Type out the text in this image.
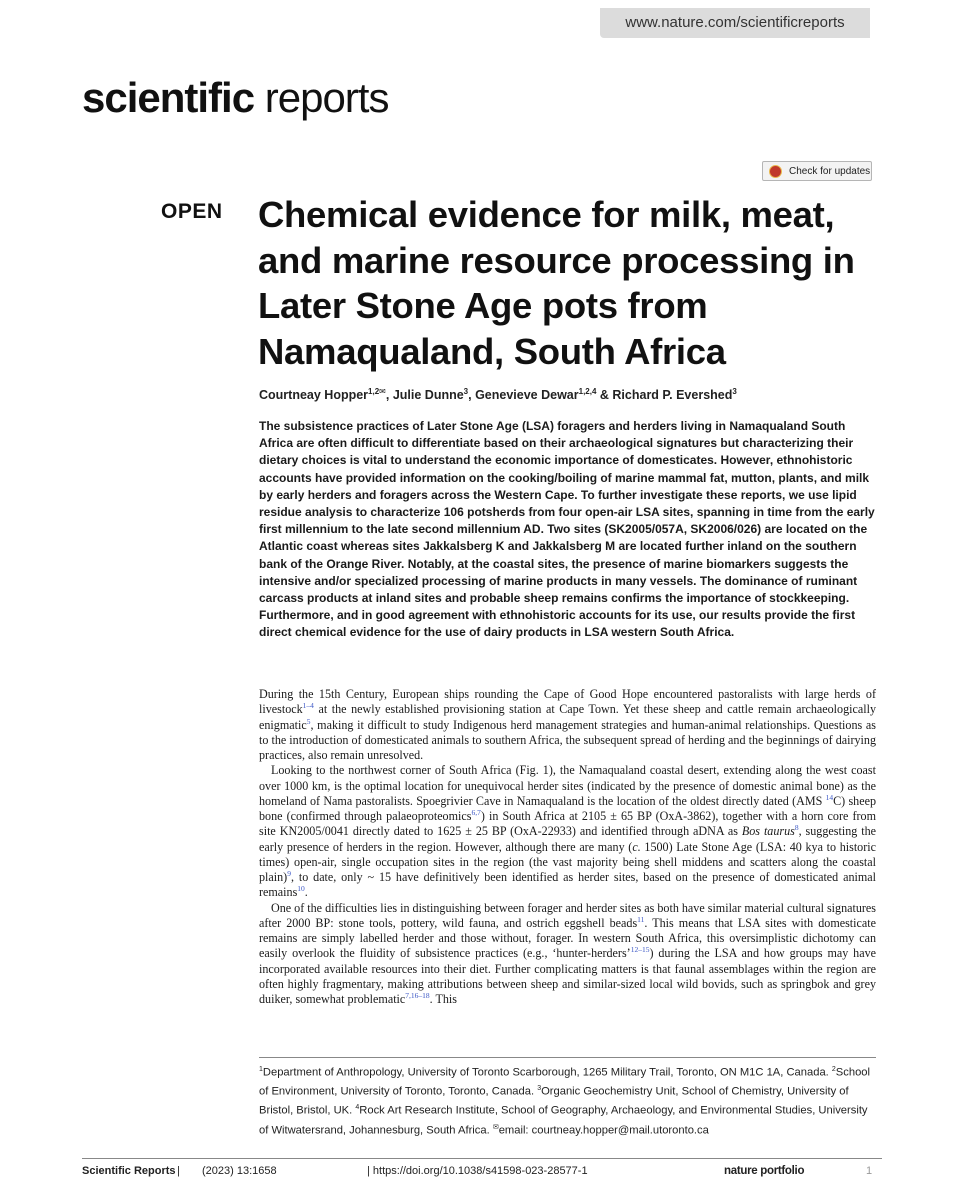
www.nature.com/scientificreports
scientific reports
Check for updates
OPEN Chemical evidence for milk, meat, and marine resource processing in Later Stone Age pots from Namaqualand, South Africa
Courtneay Hopper$^{1,2✉}$, Julie Dunne$^3$, Genevieve Dewar$^{1,2,4}$ & Richard P. Evershed$^3$

The subsistence practices of Later Stone Age (LSA) foragers and herders living in Namaqualand South Africa are often difficult to differentiate based on their archaeological signatures but characterizing their dietary choices is vital to understand the economic importance of domesticates. However, ethnohistoric accounts have provided information on the cooking/boiling of marine mammal fat, mutton, plants, and milk by early herders and foragers across the Western Cape. To further investigate these reports, we use lipid residue analysis to characterize 106 potsherds from four open-air LSA sites, spanning in time from the early first millennium to the late second millennium AD. Two sites (SK2005/057A, SK2006/026) are located on the Atlantic coast whereas sites Jakkalsberg K and Jakkalsberg M are located further inland on the southern bank of the Orange River. Notably, at the coastal sites, the presence of marine biomarkers suggests the intensive and/or specialized processing of marine products in many vessels. The dominance of ruminant carcass products at inland sites and probable sheep remains confirms the importance of stockkeeping. Furthermore, and in good agreement with ethnohistoric accounts for its use, our results provide the first direct chemical evidence for the use of dairy products in LSA western South Africa.

During the 15th Century, European ships rounding the Cape of Good Hope encountered pastoralists with large herds of livestock$^{1-4}$ at the newly established provisioning station at Cape Town. Yet these sheep and cattle remain archaeologically enigmatic$^5$, making it difficult to study Indigenous herd management strategies and human-animal relationships. Questions as to the introduction of domesticated animals to southern Africa, the subsequent spread of herding and the beginnings of dairying practices, also remain unresolved.

Looking to the northwest corner of South Africa (Fig. 1), the Namaqualand coastal desert, extending along the west coast over 1000 km, is the optimal location for unequivocal herder sites (indicated by the presence of domestic animal bone) as the homeland of Nama pastoralists. Spoegrivier Cave in Namaqualand is the location of the oldest directly dated (AMS $^{14}$C) sheep bone (confirmed through palaeoproteomics$^{6,7}$) in South Africa at 2105 ± 65 BP (OxA-3862), together with a horn core from site KN2005/0041 directly dated to 1625 ± 25 BP (OxA-22933) and identified through aDNA as Bos taurus$^8$, suggesting the early presence of herders in the region. However, although there are many (c. 1500) Late Stone Age (LSA: 40 kya to historic times) open-air, single occupation sites in the region (the vast majority being shell middens and scatters along the coastal plain)$^9$, to date, only ~ 15 have definitively been identified as herder sites, based on the presence of domesticated animal remains$^{10}$.

One of the difficulties lies in distinguishing between forager and herder sites as both have similar material cultural signatures after 2000 BP: stone tools, pottery, wild fauna, and ostrich eggshell beads$^{11}$. This means that LSA sites with domesticate remains are simply labelled herder and those without, forager. In western South Africa, this oversimplistic dichotomy can easily overlook the fluidity of subsistence practices (e.g., ‘hunter-herders’$^{12-15}$) during the LSA and how groups may have incorporated available resources into their diet. Further complicating matters is that faunal assemblages within the region are often highly fragmentary, making attributions between sheep and similar-sized local wild bovids, such as springbok and grey duiker, somewhat problematic$^{7,16-18}$. This

$^1$Department of Anthropology, University of Toronto Scarborough, 1265 Military Trail, Toronto, ON M1C 1A, Canada. $^2$School of Environment, University of Toronto, Toronto, Canada. $^3$Organic Geochemistry Unit, School of Chemistry, University of Bristol, Bristol, UK. $^4$Rock Art Research Institute, School of Geography, Archaeology, and Environmental Studies, University of Witwatersrand, Johannesburg, South Africa. ✉email: courtneay.hopper@mail.utoronto.ca
Scientific Reports | (2023) 13:1658	| https://doi.org/10.1038/s41598-023-28577-1	nature portfolio	1
